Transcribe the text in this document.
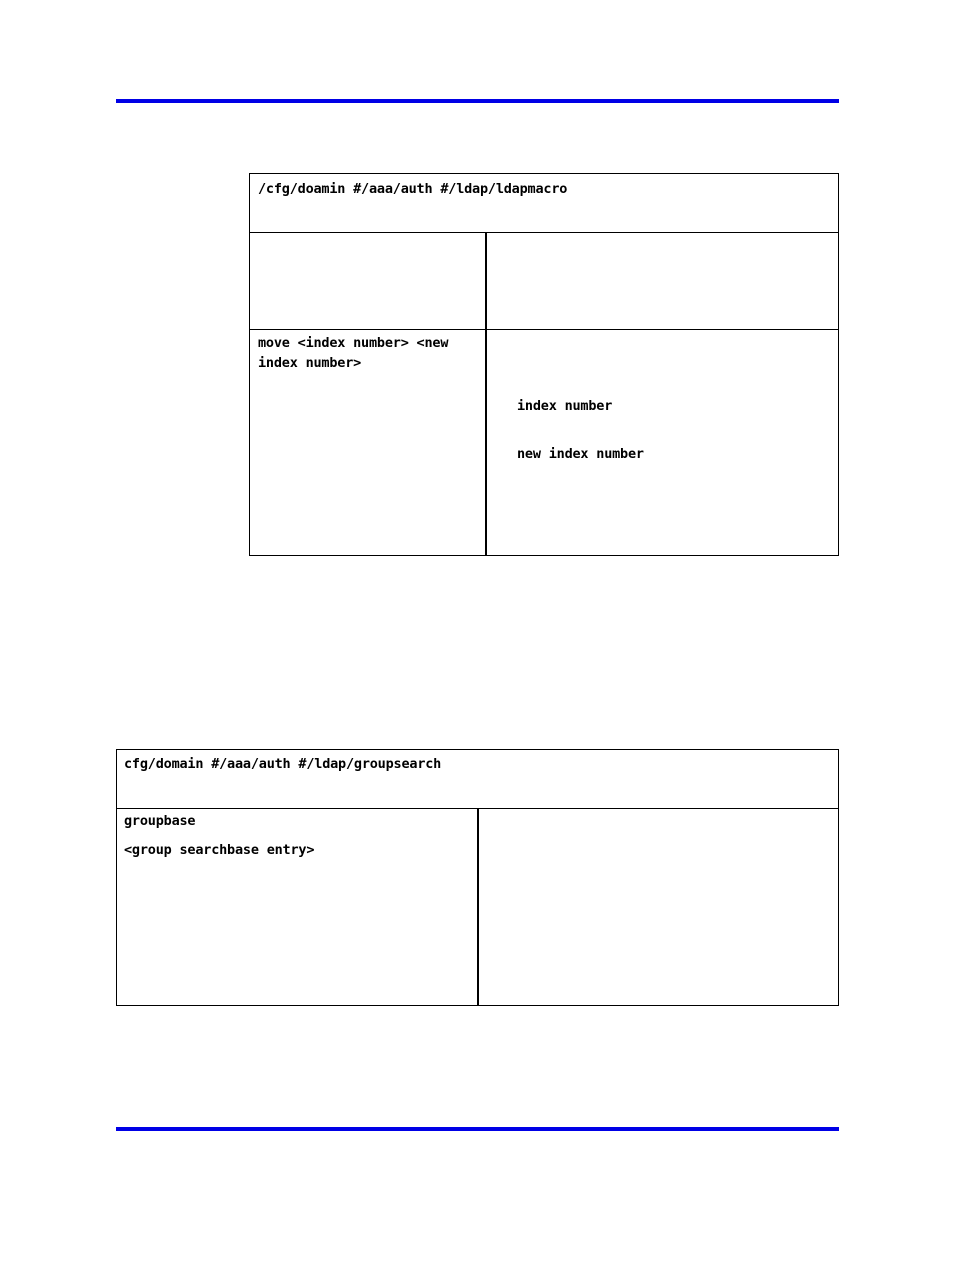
/cfg/doamin #/aaa/auth #/ldap/ldapmacro
move <index number> <new index number>
index number
new index number
cfg/domain #/aaa/auth #/ldap/groupsearch
groupbase
<group searchbase entry>
